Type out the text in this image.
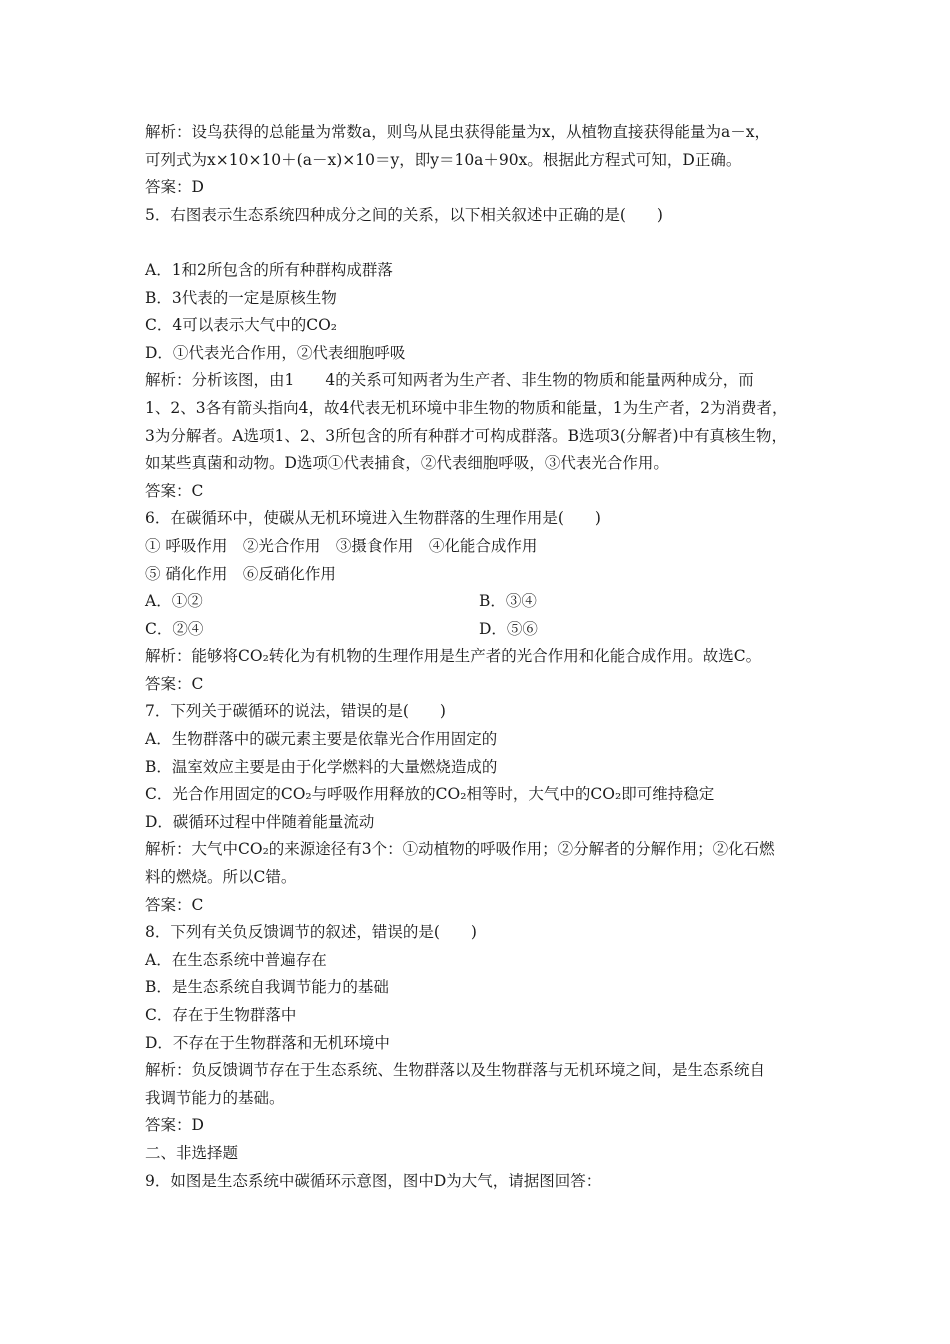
解析：设鸟获得的总能量为常数a，则鸟从昆虫获得能量为x，从植物直接获得能量为a－x，
可列式为x×10×10＋(a－x)×10＝y，即y＝10a＋90x。根据此方程式可知，D正确。
答案：D
5．右图表示生态系统四种成分之间的关系，以下相关叙述中正确的是(　　)
A．1和2所包含的所有种群构成群落
B．3代表的一定是原核生物
C．4可以表示大气中的CO₂
D．①代表光合作用，②代表细胞呼吸
解析：分析该图，由1　　4的关系可知两者为生产者、非生物的物质和能量两种成分，而
1、2、3各有箭头指向4，故4代表无机环境中非生物的物质和能量，1为生产者，2为消费者，
3为分解者。A选项1、2、3所包含的所有种群才可构成群落。B选项3(分解者)中有真核生物，
如某些真菌和动物。D选项①代表捕食，②代表细胞呼吸，③代表光合作用。
答案：C
6．在碳循环中，使碳从无机环境进入生物群落的生理作用是(　　)
① 呼吸作用　②光合作用　③摄食作用　④化能合成作用
⑤ 硝化作用　⑥反硝化作用
A．①②	B．③④
C．②④	D．⑤⑥
解析：能够将CO₂转化为有机物的生理作用是生产者的光合作用和化能合成作用。故选C。
答案：C
7．下列关于碳循环的说法，错误的是(　　)
A．生物群落中的碳元素主要是依靠光合作用固定的
B．温室效应主要是由于化学燃料的大量燃烧造成的
C．光合作用固定的CO₂与呼吸作用释放的CO₂相等时，大气中的CO₂即可维持稳定
D．碳循环过程中伴随着能量流动
解析：大气中CO₂的来源途径有3个：①动植物的呼吸作用；②分解者的分解作用；②化石燃
料的燃烧。所以C错。
答案：C
8．下列有关负反馈调节的叙述，错误的是(　　)
A．在生态系统中普遍存在
B．是生态系统自我调节能力的基础
C．存在于生物群落中
D．不存在于生物群落和无机环境中
解析：负反馈调节存在于生态系统、生物群落以及生物群落与无机环境之间，是生态系统自
我调节能力的基础。
答案：D
二、非选择题
9．如图是生态系统中碳循环示意图，图中D为大气，请据图回答：
